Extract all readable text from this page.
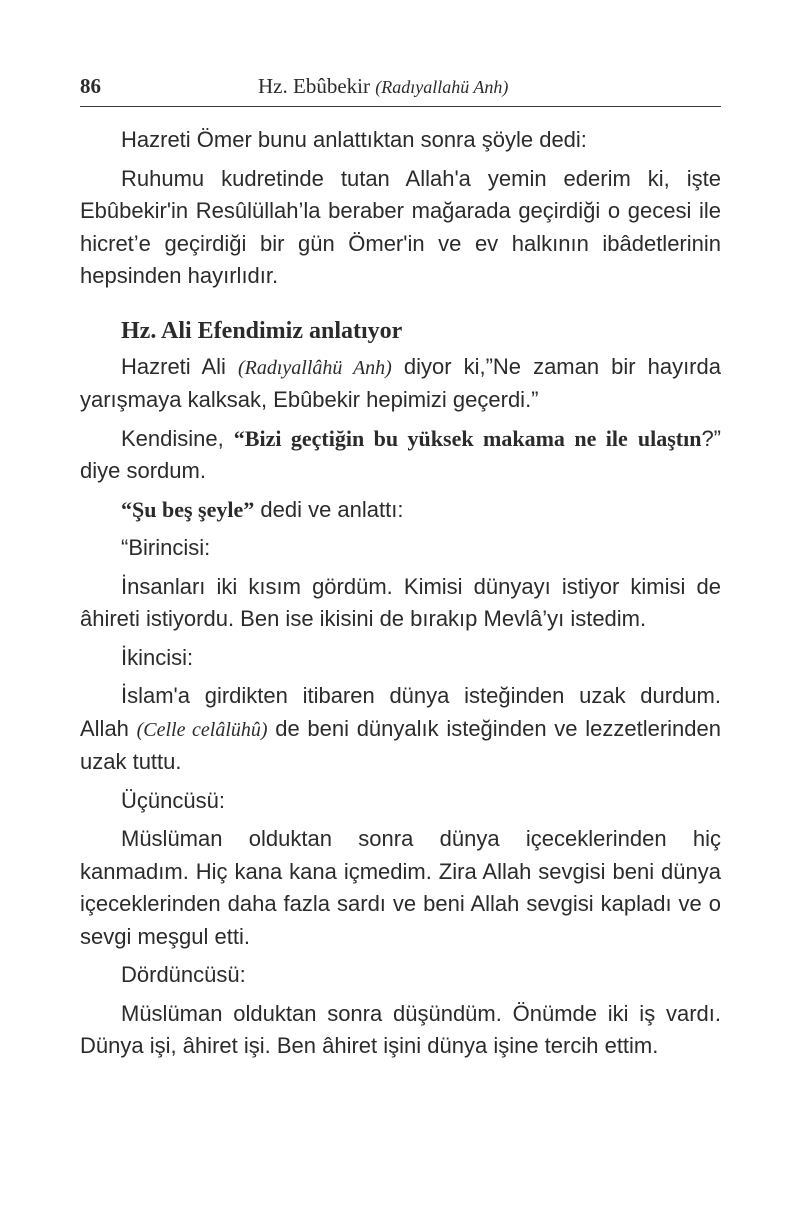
86	Hz. Ebûbekir (Radıyallahü Anh)

Hazreti Ömer bunu anlattıktan sonra şöyle dedi:

Ruhumu kudretinde tutan Allah'a yemin ederim ki, işte Ebûbekir'in Resûlüllah’la beraber mağarada geçirdiği o gecesi ile hicret’e geçirdiği bir gün Ömer'in ve ev halkının ibâdetlerinin hepsinden hayırlıdır.

Hz. Ali Efendimiz anlatıyor

Hazreti Ali (Radıyallâhü Anh) diyor ki,”Ne zaman bir hayırda yarışmaya kalksak, Ebûbekir hepimizi geçerdi.”

Kendisine, “Bizi geçtiğin bu yüksek makama ne ile ulaştın?” diye sordum.

“Şu beş şeyle” dedi ve anlattı:

“Birincisi:

İnsanları iki kısım gördüm. Kimisi dünyayı istiyor kimisi de âhireti istiyordu. Ben ise ikisini de bırakıp Mevlâ’yı istedim.

İkincisi:

İslam'a girdikten itibaren dünya isteğinden uzak durdum. Allah (Celle celâlühû) de beni dünyalık isteğinden ve lezzetlerinden uzak tuttu.

Üçüncüsü:

Müslüman olduktan sonra dünya içeceklerinden hiç kanmadım. Hiç kana kana içmedim. Zira Allah sevgisi beni dünya içeceklerinden daha fazla sardı ve beni Allah sevgisi kapladı ve o sevgi meşgul etti.

Dördüncüsü:

Müslüman olduktan sonra düşündüm. Önümde iki iş vardı. Dünya işi, âhiret işi. Ben âhiret işini dünya işine tercih ettim.
